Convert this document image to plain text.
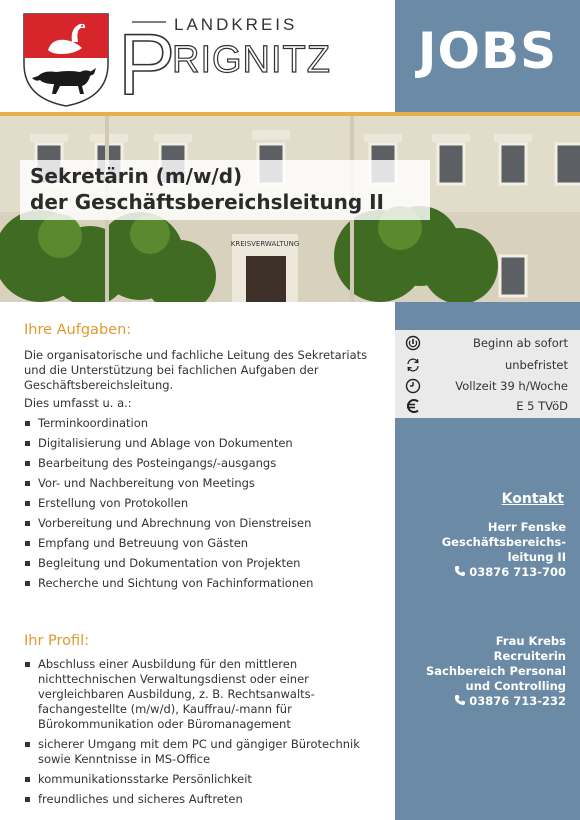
LANDKREIS
P
RIGNITZ	JOBS
KREISVERWALTUNG
Sekretärin (m/w/d)
der Geschäftsbereichsleitung II
Ihre Aufgaben:
Die organisatorische und fachliche Leitung des Sekretariats und die Unterstützung bei fachlichen Aufgaben der Geschäftsbereichsleitung.
Dies umfasst u. a.:
Terminkoordination
Digitalisierung und Ablage von Dokumenten
Bearbeitung des Posteingangs/-ausgangs
Vor- und Nachbereitung von Meetings
Erstellung von Protokollen
Vorbereitung und Abrechnung von Dienstreisen
Empfang und Betreuung von Gästen
Begleitung und Dokumentation von Projekten
Recherche und Sichtung von Fachinformationen
Ihr Profil:
Abschluss einer Ausbildung für den mittleren nichttechnischen Verwaltungsdienst oder einer vergleichbaren Ausbildung, z. B. Rechtsanwalts-fachangestellte (m/w/d), Kauffrau/-mann für Bürokommunikation oder Büromanagement
sicherer Umgang mit dem PC und gängiger Bürotechnik sowie Kenntnisse in MS-Office
kommunikationsstarke Persönlichkeit
freundliches und sicheres Auftreten
Beginn ab sofort
unbefristet
Vollzeit 39 h/Woche
E 5 TVöD
Kontakt
Herr Fenske
Geschäftsbereichs-
leitung II
03876 713-700
Frau Krebs
Recruiterin
Sachbereich Personal
und Controlling
03876 713-232
